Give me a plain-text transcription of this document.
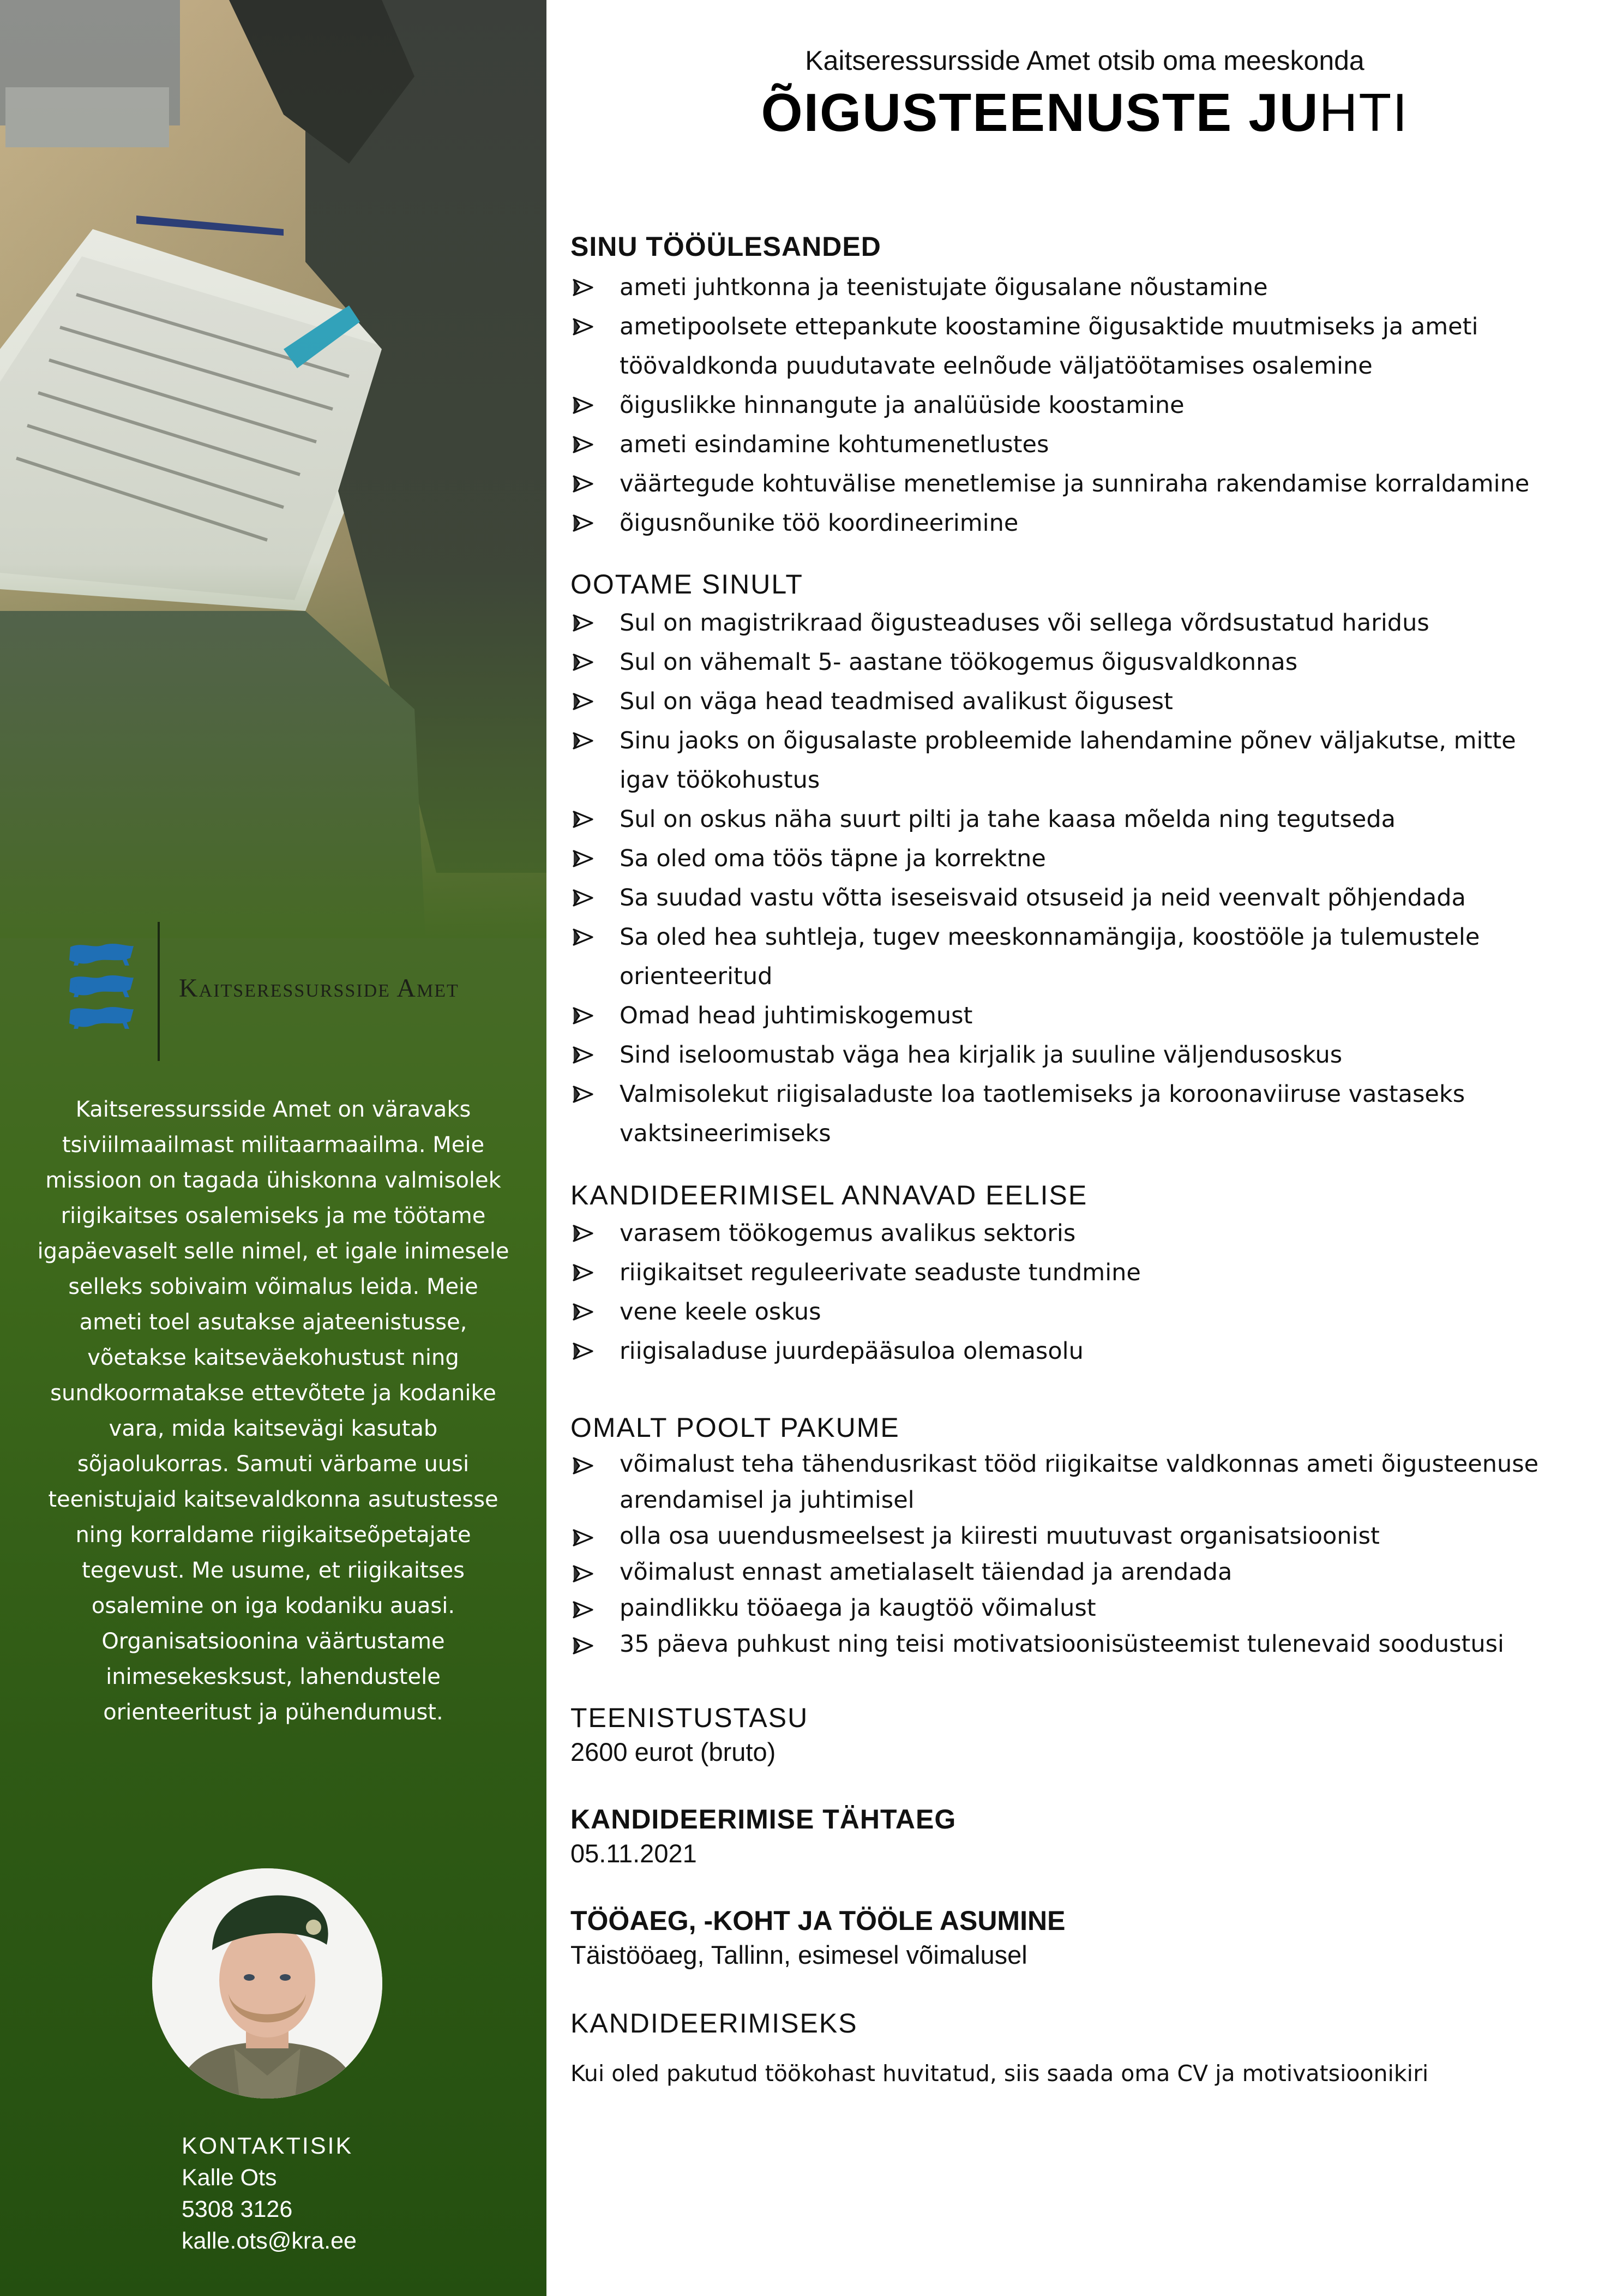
Kaitseressursside Amet
Kaitseressursside Amet on väravaks
tsiviilmaailmast militaarmaailma. Meie
missioon on tagada ühiskonna valmisolek
riigikaitses osalemiseks ja me töötame
igapäevaselt selle nimel, et igale inimesele
selleks sobivaim võimalus leida. Meie
ameti toel asutakse ajateenistusse,
võetakse kaitseväekohustust ning
sundkoormatakse ettevõtete ja kodanike
vara, mida kaitsevägi kasutab
sõjaolukorras. Samuti värbame uusi
teenistujaid kaitsevaldkonna asutustesse
ning korraldame riigikaitseõpetajate
tegevust. Me usume, et riigikaitses
osalemine on iga kodaniku auasi.
Organisatsioonina väärtustame
inimesekesksust, lahendustele
orienteeritust ja pühendumust.
KONTAKTISIK
Kalle Ots
5308 3126
kalle.ots@kra.ee
Kaitseressursside Amet otsib oma meeskonda
ÕIGUSTEENUSTE JUHTI
SINU TÖÖÜLESANDED
ameti juhtkonna ja teenistujate õigusalane nõustamine
ametipoolsete ettepankute koostamine õigusaktide muutmiseks ja ameti
töövaldkonda puudutavate eelnõude väljatöötamises osalemine
õiguslikke hinnangute ja analüüside koostamine
ameti esindamine kohtumenetlustes
väärtegude kohtuvälise menetlemise ja sunniraha rakendamise korraldamine
õigusnõunike töö koordineerimine
OOTAME SINULT
Sul on magistrikraad õigusteaduses või sellega võrdsustatud haridus
Sul on vähemalt 5- aastane töökogemus õigusvaldkonnas
Sul on väga head teadmised avalikust õigusest
Sinu jaoks on õigusalaste probleemide lahendamine põnev väljakutse, mitte
igav töökohustus
Sul on oskus näha suurt pilti ja tahe kaasa mõelda ning tegutseda
Sa oled oma töös täpne ja korrektne
Sa suudad vastu võtta iseseisvaid otsuseid ja neid veenvalt põhjendada
Sa oled hea suhtleja, tugev meeskonnamängija, koostööle ja tulemustele
orienteeritud
Omad head juhtimiskogemust
Sind iseloomustab väga hea kirjalik ja suuline väljendusoskus
Valmisolekut riigisaladuste loa taotlemiseks ja koroonaviiruse vastaseks
vaktsineerimiseks
KANDIDEERIMISEL ANNAVAD EELISE
varasem töökogemus avalikus sektoris
riigikaitset reguleerivate seaduste tundmine
vene keele oskus
riigisaladuse juurdepääsuloa olemasolu
OMALT POOLT PAKUME
võimalust teha tähendusrikast tööd riigikaitse valdkonnas ameti õigusteenuse
arendamisel ja juhtimisel
olla osa uuendusmeelsest ja kiiresti muutuvast organisatsioonist
võimalust ennast ametialaselt täiendad ja arendada
paindlikku tööaega ja kaugtöö võimalust
35 päeva puhkust ning teisi motivatsioonisüsteemist tulenevaid soodustusi
TEENISTUSTASU
2600 eurot (bruto)
KANDIDEERIMISE TÄHTAEG
05.11.2021
TÖÖAEG, -KOHT JA TÖÖLE ASUMINE
Täistööaeg, Tallinn, esimesel võimalusel
KANDIDEERIMISEKS
Kui oled pakutud töökohast huvitatud, siis saada oma CV ja motivatsioonikiri
